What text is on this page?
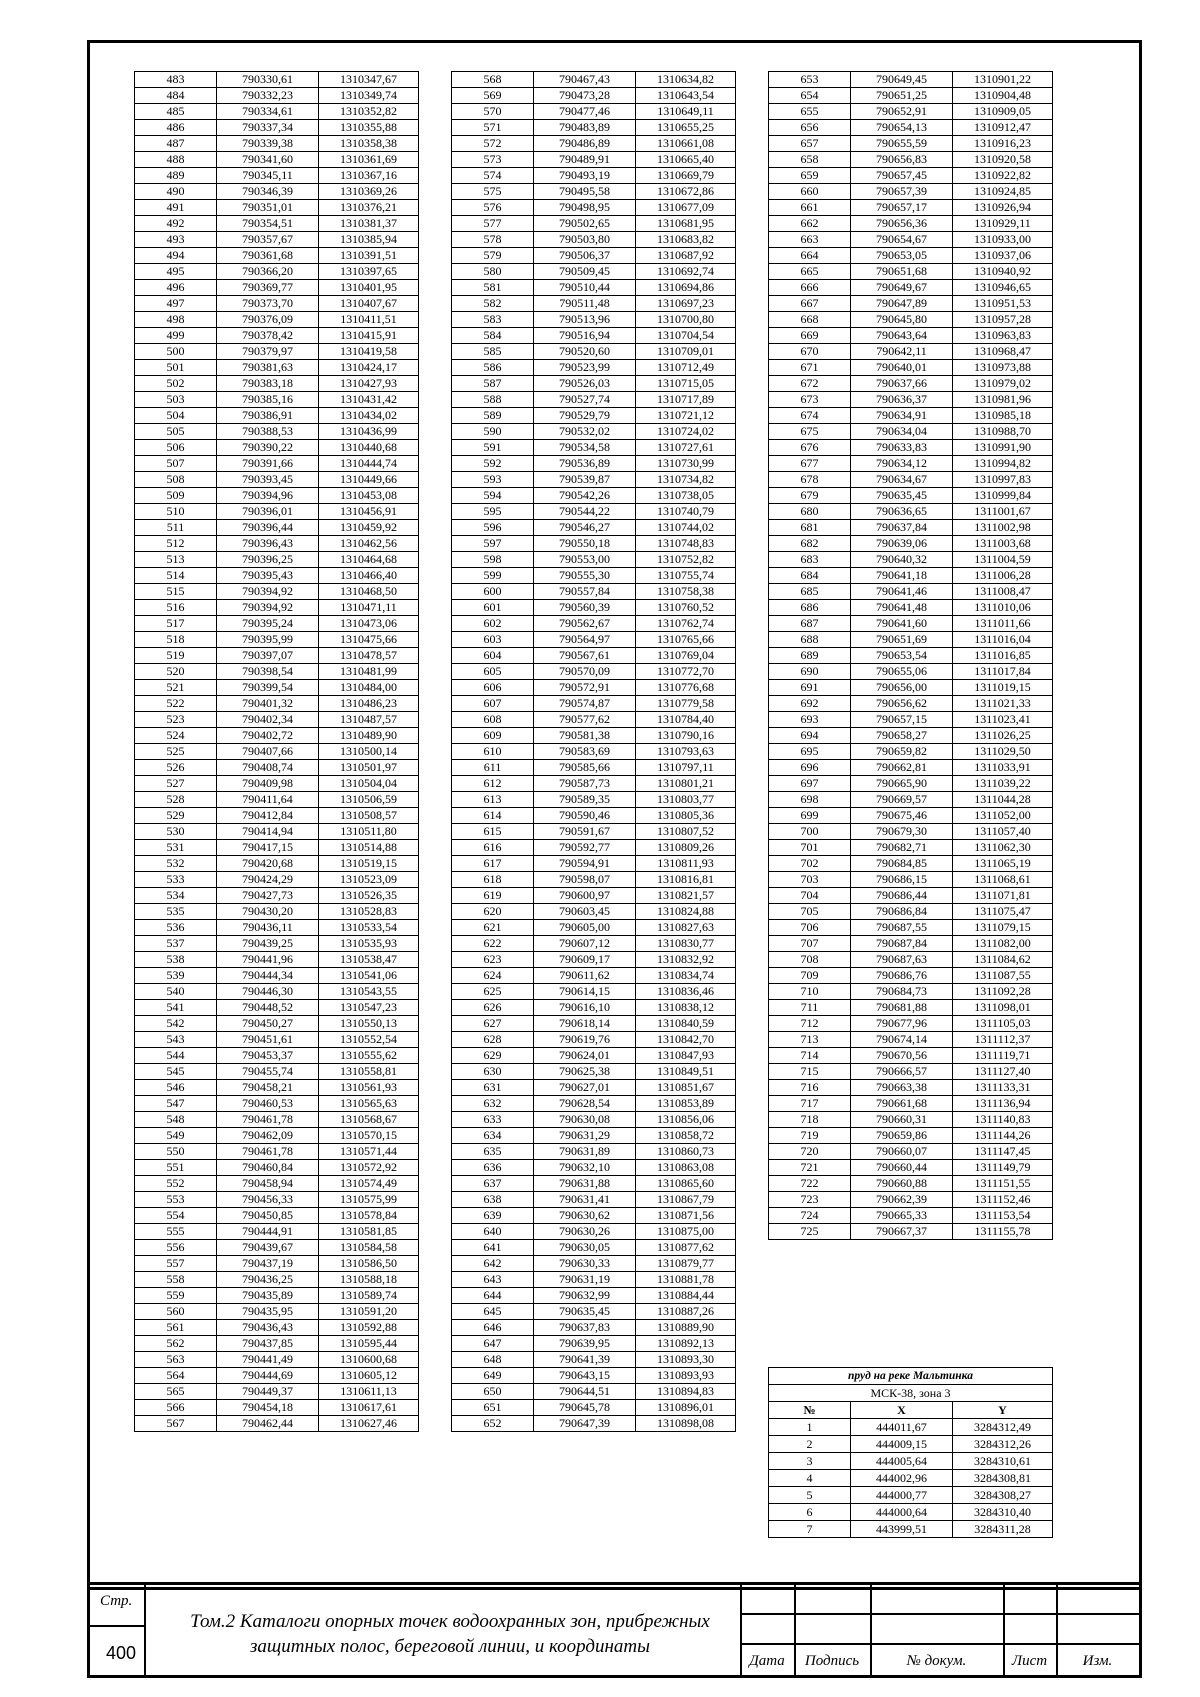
483	790330,61	1310347,67
484	790332,23	1310349,74
485	790334,61	1310352,82
486	790337,34	1310355,88
487	790339,38	1310358,38
488	790341,60	1310361,69
489	790345,11	1310367,16
490	790346,39	1310369,26
491	790351,01	1310376,21
492	790354,51	1310381,37
493	790357,67	1310385,94
494	790361,68	1310391,51
495	790366,20	1310397,65
496	790369,77	1310401,95
497	790373,70	1310407,67
498	790376,09	1310411,51
499	790378,42	1310415,91
500	790379,97	1310419,58
501	790381,63	1310424,17
502	790383,18	1310427,93
503	790385,16	1310431,42
504	790386,91	1310434,02
505	790388,53	1310436,99
506	790390,22	1310440,68
507	790391,66	1310444,74
508	790393,45	1310449,66
509	790394,96	1310453,08
510	790396,01	1310456,91
511	790396,44	1310459,92
512	790396,43	1310462,56
513	790396,25	1310464,68
514	790395,43	1310466,40
515	790394,92	1310468,50
516	790394,92	1310471,11
517	790395,24	1310473,06
518	790395,99	1310475,66
519	790397,07	1310478,57
520	790398,54	1310481,99
521	790399,54	1310484,00
522	790401,32	1310486,23
523	790402,34	1310487,57
524	790402,72	1310489,90
525	790407,66	1310500,14
526	790408,74	1310501,97
527	790409,98	1310504,04
528	790411,64	1310506,59
529	790412,84	1310508,57
530	790414,94	1310511,80
531	790417,15	1310514,88
532	790420,68	1310519,15
533	790424,29	1310523,09
534	790427,73	1310526,35
535	790430,20	1310528,83
536	790436,11	1310533,54
537	790439,25	1310535,93
538	790441,96	1310538,47
539	790444,34	1310541,06
540	790446,30	1310543,55
541	790448,52	1310547,23
542	790450,27	1310550,13
543	790451,61	1310552,54
544	790453,37	1310555,62
545	790455,74	1310558,81
546	790458,21	1310561,93
547	790460,53	1310565,63
548	790461,78	1310568,67
549	790462,09	1310570,15
550	790461,78	1310571,44
551	790460,84	1310572,92
552	790458,94	1310574,49
553	790456,33	1310575,99
554	790450,85	1310578,84
555	790444,91	1310581,85
556	790439,67	1310584,58
557	790437,19	1310586,50
558	790436,25	1310588,18
559	790435,89	1310589,74
560	790435,95	1310591,20
561	790436,43	1310592,88
562	790437,85	1310595,44
563	790441,49	1310600,68
564	790444,69	1310605,12
565	790449,37	1310611,13
566	790454,18	1310617,61
567	790462,44	1310627,46
568	790467,43	1310634,82
569	790473,28	1310643,54
570	790477,46	1310649,11
571	790483,89	1310655,25
572	790486,89	1310661,08
573	790489,91	1310665,40
574	790493,19	1310669,79
575	790495,58	1310672,86
576	790498,95	1310677,09
577	790502,65	1310681,95
578	790503,80	1310683,82
579	790506,37	1310687,92
580	790509,45	1310692,74
581	790510,44	1310694,86
582	790511,48	1310697,23
583	790513,96	1310700,80
584	790516,94	1310704,54
585	790520,60	1310709,01
586	790523,99	1310712,49
587	790526,03	1310715,05
588	790527,74	1310717,89
589	790529,79	1310721,12
590	790532,02	1310724,02
591	790534,58	1310727,61
592	790536,89	1310730,99
593	790539,87	1310734,82
594	790542,26	1310738,05
595	790544,22	1310740,79
596	790546,27	1310744,02
597	790550,18	1310748,83
598	790553,00	1310752,82
599	790555,30	1310755,74
600	790557,84	1310758,38
601	790560,39	1310760,52
602	790562,67	1310762,74
603	790564,97	1310765,66
604	790567,61	1310769,04
605	790570,09	1310772,70
606	790572,91	1310776,68
607	790574,87	1310779,58
608	790577,62	1310784,40
609	790581,38	1310790,16
610	790583,69	1310793,63
611	790585,66	1310797,11
612	790587,73	1310801,21
613	790589,35	1310803,77
614	790590,46	1310805,36
615	790591,67	1310807,52
616	790592,77	1310809,26
617	790594,91	1310811,93
618	790598,07	1310816,81
619	790600,97	1310821,57
620	790603,45	1310824,88
621	790605,00	1310827,63
622	790607,12	1310830,77
623	790609,17	1310832,92
624	790611,62	1310834,74
625	790614,15	1310836,46
626	790616,10	1310838,12
627	790618,14	1310840,59
628	790619,76	1310842,70
629	790624,01	1310847,93
630	790625,38	1310849,51
631	790627,01	1310851,67
632	790628,54	1310853,89
633	790630,08	1310856,06
634	790631,29	1310858,72
635	790631,89	1310860,73
636	790632,10	1310863,08
637	790631,88	1310865,60
638	790631,41	1310867,79
639	790630,62	1310871,56
640	790630,26	1310875,00
641	790630,05	1310877,62
642	790630,33	1310879,77
643	790631,19	1310881,78
644	790632,99	1310884,44
645	790635,45	1310887,26
646	790637,83	1310889,90
647	790639,95	1310892,13
648	790641,39	1310893,30
649	790643,15	1310893,93
650	790644,51	1310894,83
651	790645,78	1310896,01
652	790647,39	1310898,08
653	790649,45	1310901,22
654	790651,25	1310904,48
655	790652,91	1310909,05
656	790654,13	1310912,47
657	790655,59	1310916,23
658	790656,83	1310920,58
659	790657,45	1310922,82
660	790657,39	1310924,85
661	790657,17	1310926,94
662	790656,36	1310929,11
663	790654,67	1310933,00
664	790653,05	1310937,06
665	790651,68	1310940,92
666	790649,67	1310946,65
667	790647,89	1310951,53
668	790645,80	1310957,28
669	790643,64	1310963,83
670	790642,11	1310968,47
671	790640,01	1310973,88
672	790637,66	1310979,02
673	790636,37	1310981,96
674	790634,91	1310985,18
675	790634,04	1310988,70
676	790633,83	1310991,90
677	790634,12	1310994,82
678	790634,67	1310997,83
679	790635,45	1310999,84
680	790636,65	1311001,67
681	790637,84	1311002,98
682	790639,06	1311003,68
683	790640,32	1311004,59
684	790641,18	1311006,28
685	790641,46	1311008,47
686	790641,48	1311010,06
687	790641,60	1311011,66
688	790651,69	1311016,04
689	790653,54	1311016,85
690	790655,06	1311017,84
691	790656,00	1311019,15
692	790656,62	1311021,33
693	790657,15	1311023,41
694	790658,27	1311026,25
695	790659,82	1311029,50
696	790662,81	1311033,91
697	790665,90	1311039,22
698	790669,57	1311044,28
699	790675,46	1311052,00
700	790679,30	1311057,40
701	790682,71	1311062,30
702	790684,85	1311065,19
703	790686,15	1311068,61
704	790686,44	1311071,81
705	790686,84	1311075,47
706	790687,55	1311079,15
707	790687,84	1311082,00
708	790687,63	1311084,62
709	790686,76	1311087,55
710	790684,73	1311092,28
711	790681,88	1311098,01
712	790677,96	1311105,03
713	790674,14	1311112,37
714	790670,56	1311119,71
715	790666,57	1311127,40
716	790663,38	1311133,31
717	790661,68	1311136,94
718	790660,31	1311140,83
719	790659,86	1311144,26
720	790660,07	1311147,45
721	790660,44	1311149,79
722	790660,88	1311151,55
723	790662,39	1311152,46
724	790665,33	1311153,54
725	790667,37	1311155,78
пруд на реке Мальтинка		
МСК-38, зона 3		
№	X	Y
1	444011,67	3284312,49
2	444009,15	3284312,26
3	444005,64	3284310,61
4	444002,96	3284308,81
5	444000,77	3284308,27
6	444000,64	3284310,40
7	443999,51	3284311,28
Стр.
400
Том.2 Каталоги опорных точек водоохранных зон, прибрежных защитных полос, береговой линии, и координаты
Дата	Подпись	№ докум.	Лист	Изм.
